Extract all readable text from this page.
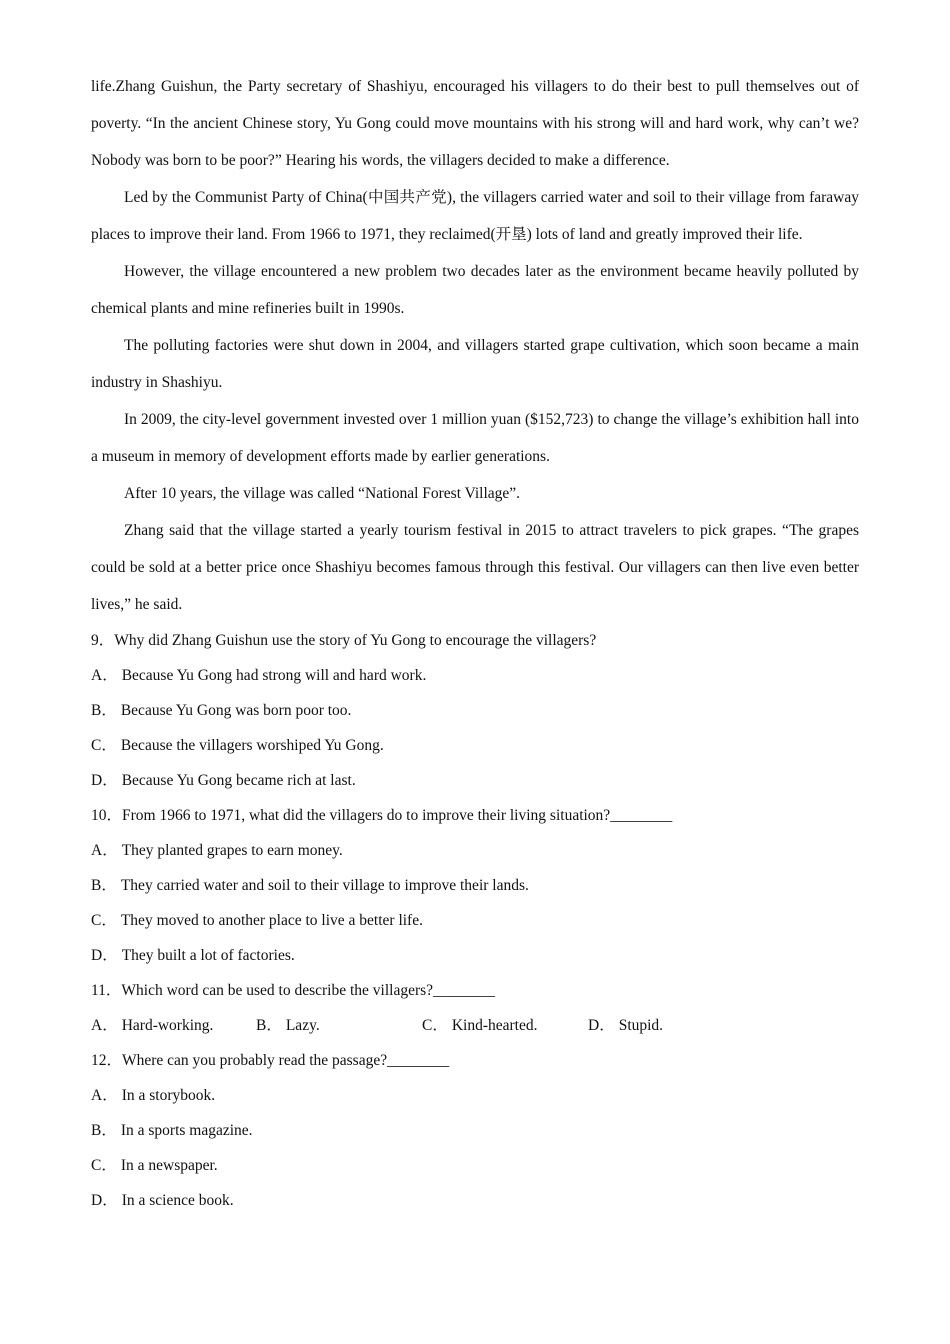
life.Zhang Guishun, the Party secretary of Shashiyu, encouraged his villagers to do their best to pull themselves out of poverty. “In the ancient Chinese story, Yu Gong could move mountains with his strong will and hard work, why can’t we? Nobody was born to be poor?” Hearing his words, the villagers decided to make a difference.

Led by the Communist Party of China(中国共产党), the villagers carried water and soil to their village from faraway places to improve their land. From 1966 to 1971, they reclaimed(开垦) lots of land and greatly improved their life.

However, the village encountered a new problem two decades later as the environment became heavily polluted by chemical plants and mine refineries built in 1990s.

The polluting factories were shut down in 2004, and villagers started grape cultivation, which soon became a main industry in Shashiyu.

In 2009, the city-level government invested over 1 million yuan ($152,723) to change the village’s exhibition hall into a museum in memory of development efforts made by earlier generations.

After 10 years, the village was called “National Forest Village”.

Zhang said that the village started a yearly tourism festival in 2015 to attract travelers to pick grapes. “The grapes could be sold at a better price once Shashiyu becomes famous through this festival. Our villagers can then live even better lives,” he said.

9．Why did Zhang Guishun use the story of Yu Gong to encourage the villagers?

A． Because Yu Gong had strong will and hard work.

B． Because Yu Gong was born poor too.

C． Because the villagers worshiped Yu Gong.

D． Because Yu Gong became rich at last.

10．From 1966 to 1971, what did the villagers do to improve their living situation?________

A． They planted grapes to earn money.

B． They carried water and soil to their village to improve their lands.

C． They moved to another place to live a better life.

D． They built a lot of factories.

11．Which word can be used to describe the villagers?________

A． Hard-working.	B． Lazy.	C． Kind-hearted.	D． Stupid.

12．Where can you probably read the passage?________

A． In a storybook.

B． In a sports magazine.

C． In a newspaper.

D． In a science book.
